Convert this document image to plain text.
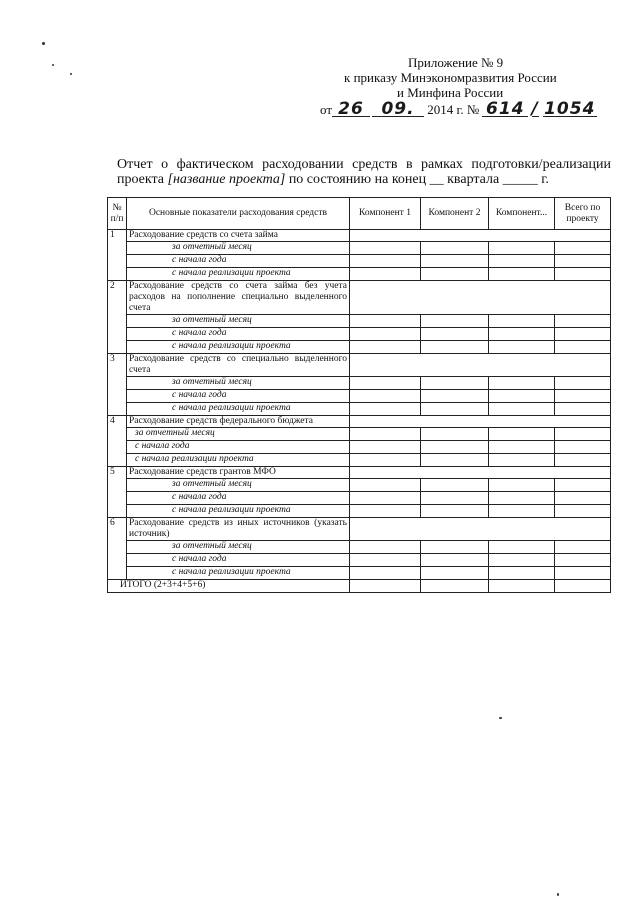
Приложение № 9
к приказу Минэкономразвития России
и Минфина России
от 26 09. 2014 г. № 614 / 1054
Отчет о фактическом расходовании средств в рамках подготовки/реализации проекта [название проекта] по состоянию на конец __ квартала _____ г.
№ п/п	Основные показатели расходования средств	Компонент 1	Компонент 2	Компонент...	Всего по проекту
1	Расходование средств со счета займа				
	за отчетный месяц				
	с начала года				
	с начала реализации проекта				
2	Расходование средств со счета займа без учета расходов на пополнение специально выделенного счета				
	за отчетный месяц				
	с начала года				
	с начала реализации проекта				
3	Расходование средств со специально выделенного счета				
	за отчетный месяц				
	с начала года				
	с начала реализации проекта				
4	Расходование средств федерального бюджета				
	за отчетный месяц				
	с начала года				
	с начала реализации проекта				
5	Расходование средств грантов МФО				
	за отчетный месяц				
	с начала года				
	с начала реализации проекта				
6	Расходование средств из иных источников (указать источник)				
	за отчетный месяц				
	с начала года				
	с начала реализации проекта				
ИТОГО (2+3+4+5+6)					
